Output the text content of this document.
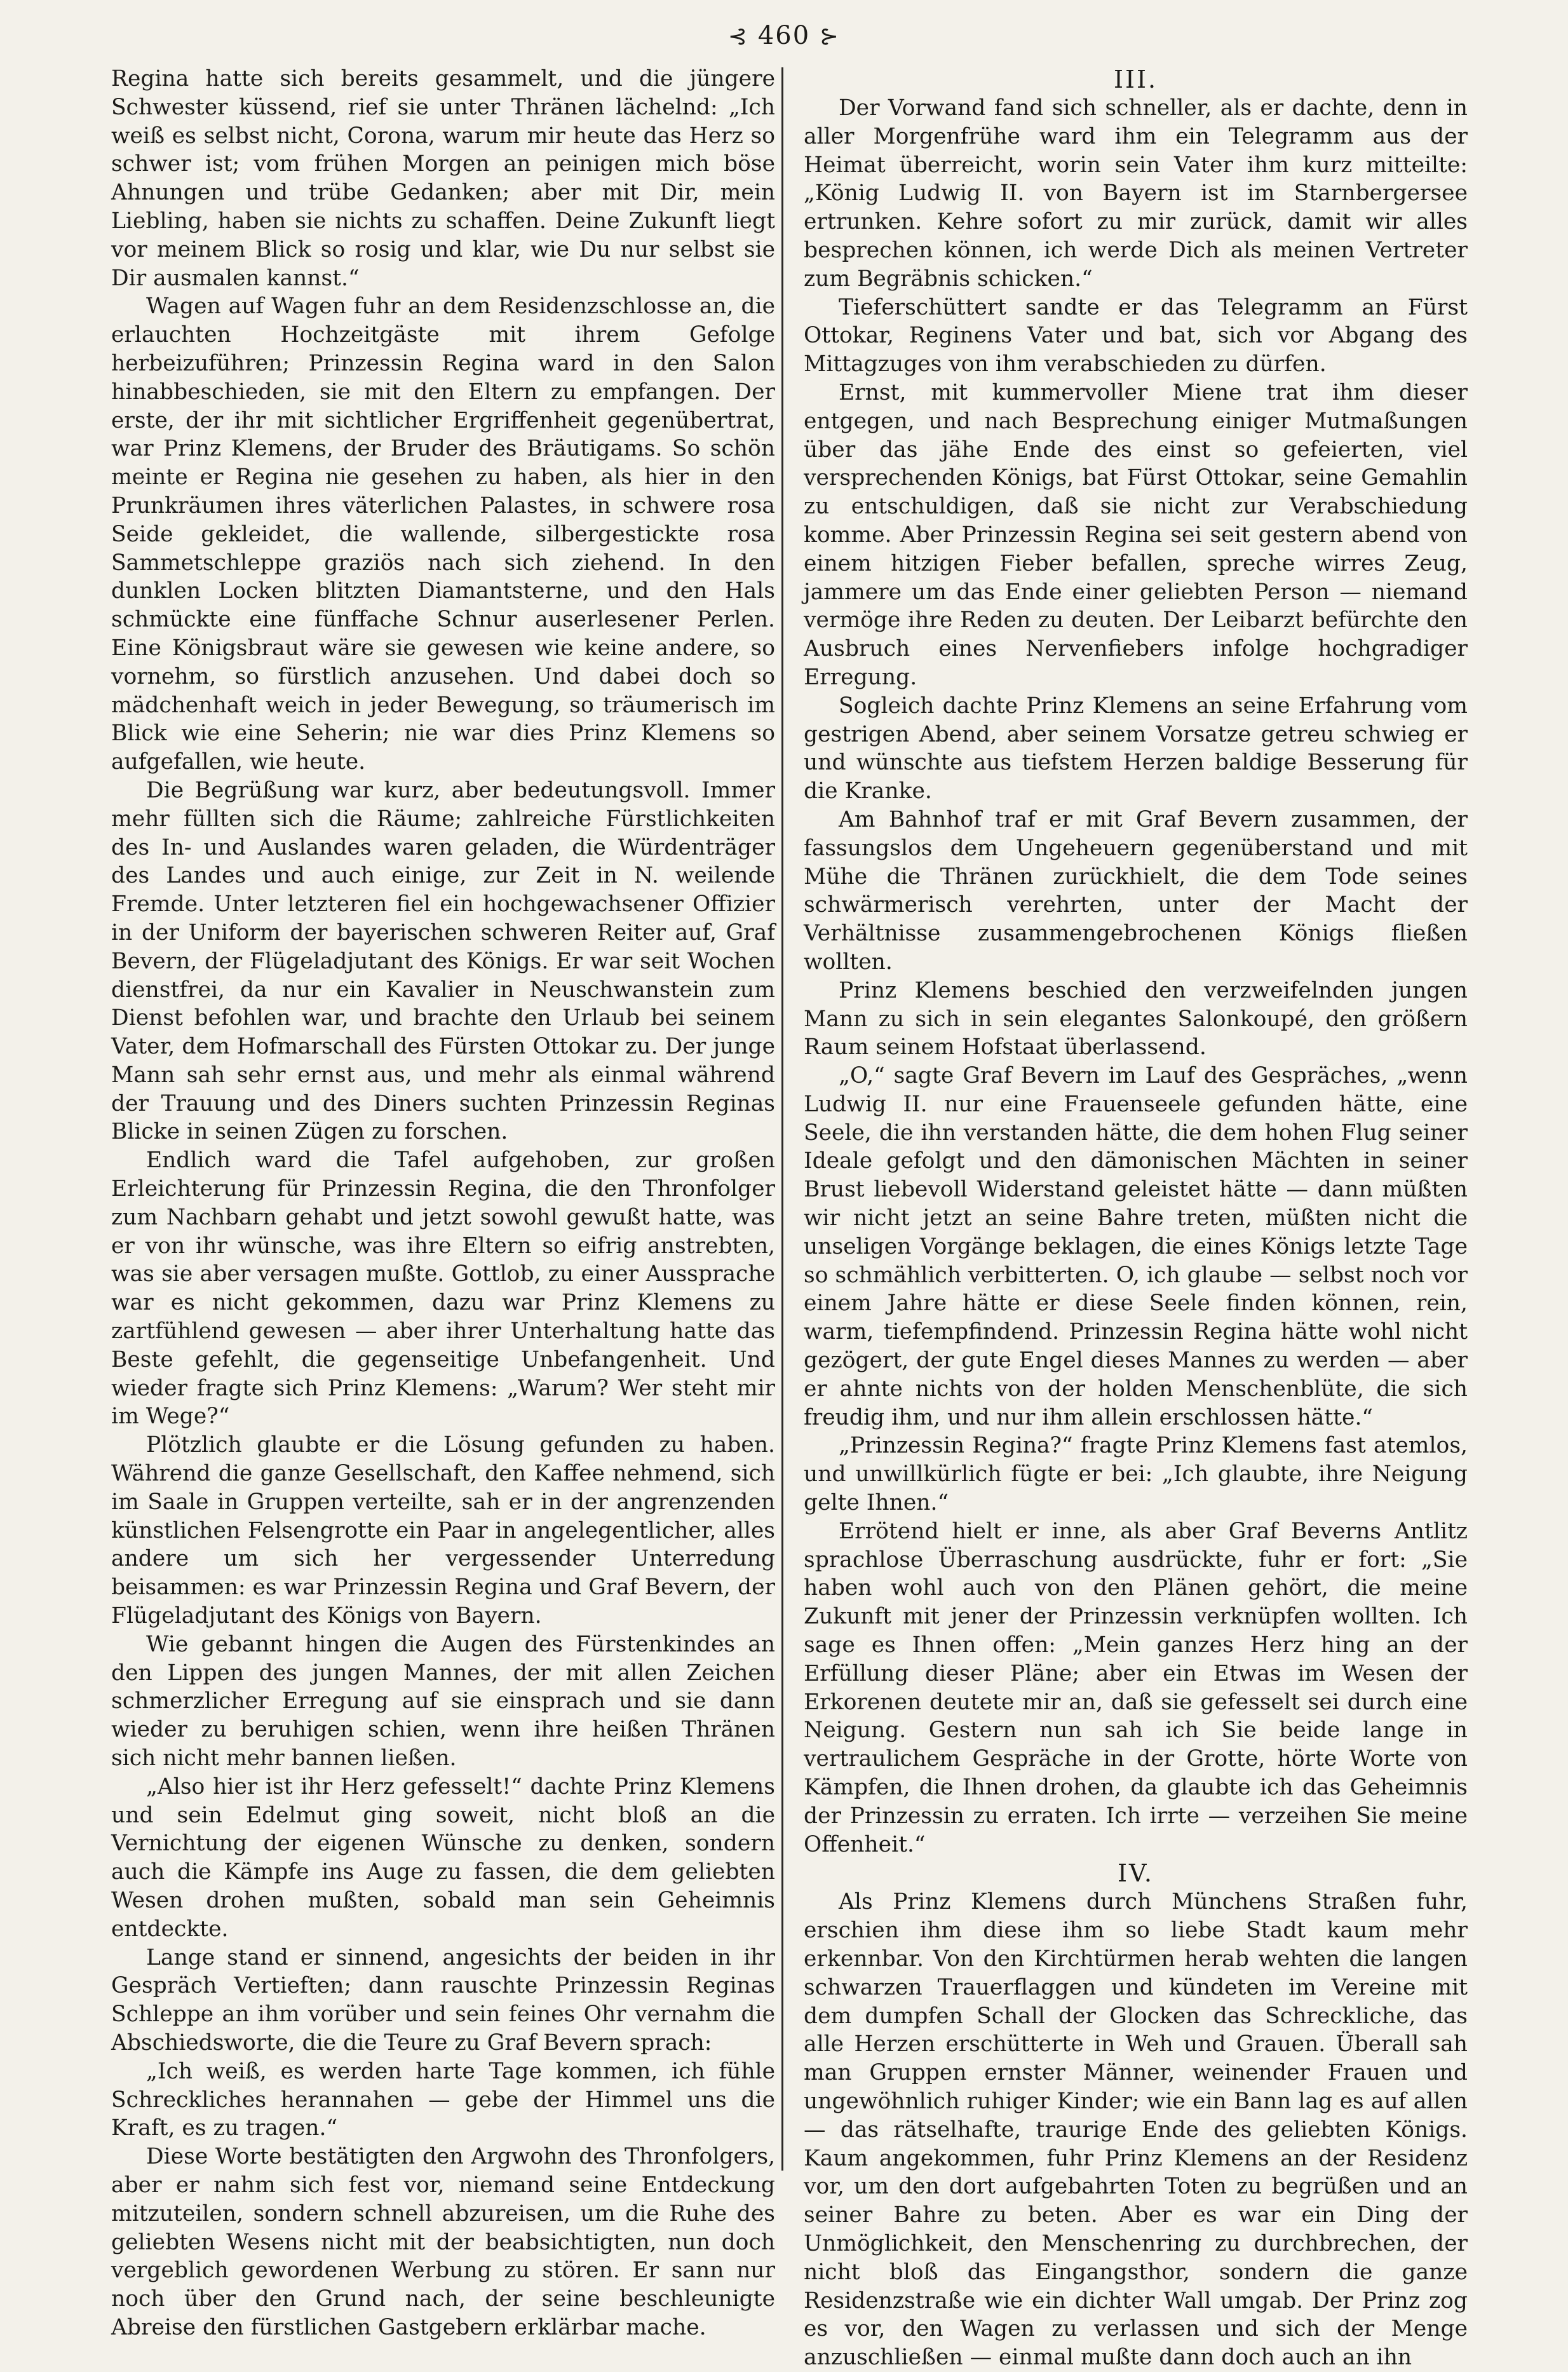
⊰ 460 ⊱

Regina hatte sich bereits gesammelt, und die jüngere Schwester küssend, rief sie unter Thränen lächelnd: „Ich weiß es selbst nicht, Corona, warum mir heute das Herz so schwer ist; vom frühen Morgen an peinigen mich böse Ahnungen und trübe Gedanken; aber mit Dir, mein Liebling, haben sie nichts zu schaffen. Deine Zukunft liegt vor meinem Blick so rosig und klar, wie Du nur selbst sie Dir ausmalen kannst.“

Wagen auf Wagen fuhr an dem Residenzschlosse an, die erlauchten Hochzeitgäste mit ihrem Gefolge herbeizuführen; Prinzessin Regina ward in den Salon hinabbeschieden, sie mit den Eltern zu empfangen. Der erste, der ihr mit sichtlicher Ergriffenheit gegenübertrat, war Prinz Klemens, der Bruder des Bräutigams. So schön meinte er Regina nie gesehen zu haben, als hier in den Prunkräumen ihres väterlichen Palastes, in schwere rosa Seide gekleidet, die wallende, silbergestickte rosa Sammetschleppe graziös nach sich ziehend. In den dunklen Locken blitzten Diamantsterne, und den Hals schmückte eine fünffache Schnur auserlesener Perlen. Eine Königsbraut wäre sie gewesen wie keine andere, so vornehm, so fürstlich anzusehen. Und dabei doch so mädchenhaft weich in jeder Bewegung, so träumerisch im Blick wie eine Seherin; nie war dies Prinz Klemens so aufgefallen, wie heute.

Die Begrüßung war kurz, aber bedeutungsvoll. Immer mehr füllten sich die Räume; zahlreiche Fürstlichkeiten des In- und Auslandes waren geladen, die Würdenträger des Landes und auch einige, zur Zeit in N. weilende Fremde. Unter letzteren fiel ein hochgewachsener Offizier in der Uniform der bayerischen schweren Reiter auf, Graf Bevern, der Flügeladjutant des Königs. Er war seit Wochen dienstfrei, da nur ein Kavalier in Neuschwanstein zum Dienst befohlen war, und brachte den Urlaub bei seinem Vater, dem Hofmarschall des Fürsten Ottokar zu. Der junge Mann sah sehr ernst aus, und mehr als einmal während der Trauung und des Diners suchten Prinzessin Reginas Blicke in seinen Zügen zu forschen.

Endlich ward die Tafel aufgehoben, zur großen Erleichterung für Prinzessin Regina, die den Thronfolger zum Nachbarn gehabt und jetzt sowohl gewußt hatte, was er von ihr wünsche, was ihre Eltern so eifrig anstrebten, was sie aber versagen mußte. Gottlob, zu einer Aussprache war es nicht gekommen, dazu war Prinz Klemens zu zartfühlend gewesen — aber ihrer Unterhaltung hatte das Beste gefehlt, die gegenseitige Unbefangenheit. Und wieder fragte sich Prinz Klemens: „Warum? Wer steht mir im Wege?“

Plötzlich glaubte er die Lösung gefunden zu haben. Während die ganze Gesellschaft, den Kaffee nehmend, sich im Saale in Gruppen verteilte, sah er in der angrenzenden künstlichen Felsengrotte ein Paar in angelegentlicher, alles andere um sich her vergessender Unterredung beisammen: es war Prinzessin Regina und Graf Bevern, der Flügeladjutant des Königs von Bayern.

Wie gebannt hingen die Augen des Fürstenkindes an den Lippen des jungen Mannes, der mit allen Zeichen schmerzlicher Erregung auf sie einsprach und sie dann wieder zu beruhigen schien, wenn ihre heißen Thränen sich nicht mehr bannen ließen.

„Also hier ist ihr Herz gefesselt!“ dachte Prinz Klemens und sein Edelmut ging soweit, nicht bloß an die Vernichtung der eigenen Wünsche zu denken, sondern auch die Kämpfe ins Auge zu fassen, die dem geliebten Wesen drohen mußten, sobald man sein Geheimnis entdeckte.

Lange stand er sinnend, angesichts der beiden in ihr Gespräch Vertieften; dann rauschte Prinzessin Reginas Schleppe an ihm vorüber und sein feines Ohr vernahm die Abschiedsworte, die die Teure zu Graf Bevern sprach:

„Ich weiß, es werden harte Tage kommen, ich fühle Schreckliches herannahen — gebe der Himmel uns die Kraft, es zu tragen.“

Diese Worte bestätigten den Argwohn des Thronfolgers, aber er nahm sich fest vor, niemand seine Entdeckung mitzuteilen, sondern schnell abzureisen, um die Ruhe des geliebten Wesens nicht mit der beabsichtigten, nun doch vergeblich gewordenen Werbung zu stören. Er sann nur noch über den Grund nach, der seine beschleunigte Abreise den fürstlichen Gastgebern erklärbar mache.

III.

Der Vorwand fand sich schneller, als er dachte, denn in aller Morgenfrühe ward ihm ein Telegramm aus der Heimat überreicht, worin sein Vater ihm kurz mitteilte: „König Ludwig II. von Bayern ist im Starnbergersee ertrunken. Kehre sofort zu mir zurück, damit wir alles besprechen können, ich werde Dich als meinen Vertreter zum Begräbnis schicken.“

Tieferschüttert sandte er das Telegramm an Fürst Ottokar, Reginens Vater und bat, sich vor Abgang des Mittagzuges von ihm verabschieden zu dürfen.

Ernst, mit kummervoller Miene trat ihm dieser entgegen, und nach Besprechung einiger Mutmaßungen über das jähe Ende des einst so gefeierten, viel versprechenden Königs, bat Fürst Ottokar, seine Gemahlin zu entschuldigen, daß sie nicht zur Verabschiedung komme. Aber Prinzessin Regina sei seit gestern abend von einem hitzigen Fieber befallen, spreche wirres Zeug, jammere um das Ende einer geliebten Person — niemand vermöge ihre Reden zu deuten. Der Leibarzt befürchte den Ausbruch eines Nervenfiebers infolge hochgradiger Erregung.

Sogleich dachte Prinz Klemens an seine Erfahrung vom gestrigen Abend, aber seinem Vorsatze getreu schwieg er und wünschte aus tiefstem Herzen baldige Besserung für die Kranke.

Am Bahnhof traf er mit Graf Bevern zusammen, der fassungslos dem Ungeheuern gegenüberstand und mit Mühe die Thränen zurückhielt, die dem Tode seines schwärmerisch verehrten, unter der Macht der Verhältnisse zusammengebrochenen Königs fließen wollten.

Prinz Klemens beschied den verzweifelnden jungen Mann zu sich in sein elegantes Salonkoupé, den größern Raum seinem Hofstaat überlassend.

„O,“ sagte Graf Bevern im Lauf des Gespräches, „wenn Ludwig II. nur eine Frauenseele gefunden hätte, eine Seele, die ihn verstanden hätte, die dem hohen Flug seiner Ideale gefolgt und den dämonischen Mächten in seiner Brust liebevoll Widerstand geleistet hätte — dann müßten wir nicht jetzt an seine Bahre treten, müßten nicht die unseligen Vorgänge beklagen, die eines Königs letzte Tage so schmählich verbitterten. O, ich glaube — selbst noch vor einem Jahre hätte er diese Seele finden können, rein, warm, tiefempfindend. Prinzessin Regina hätte wohl nicht gezögert, der gute Engel dieses Mannes zu werden — aber er ahnte nichts von der holden Menschenblüte, die sich freudig ihm, und nur ihm allein erschlossen hätte.“

„Prinzessin Regina?“ fragte Prinz Klemens fast atemlos, und unwillkürlich fügte er bei: „Ich glaubte, ihre Neigung gelte Ihnen.“

Errötend hielt er inne, als aber Graf Beverns Antlitz sprachlose Überraschung ausdrückte, fuhr er fort: „Sie haben wohl auch von den Plänen gehört, die meine Zukunft mit jener der Prinzessin verknüpfen wollten. Ich sage es Ihnen offen: „Mein ganzes Herz hing an der Erfüllung dieser Pläne; aber ein Etwas im Wesen der Erkorenen deutete mir an, daß sie gefesselt sei durch eine Neigung. Gestern nun sah ich Sie beide lange in vertraulichem Gespräche in der Grotte, hörte Worte von Kämpfen, die Ihnen drohen, da glaubte ich das Geheimnis der Prinzessin zu erraten. Ich irrte — verzeihen Sie meine Offenheit.“

IV.

Als Prinz Klemens durch Münchens Straßen fuhr, erschien ihm diese ihm so liebe Stadt kaum mehr erkennbar. Von den Kirchtürmen herab wehten die langen schwarzen Trauerflaggen und kündeten im Vereine mit dem dumpfen Schall der Glocken das Schreckliche, das alle Herzen erschütterte in Weh und Grauen. Überall sah man Gruppen ernster Männer, weinender Frauen und ungewöhnlich ruhiger Kinder; wie ein Bann lag es auf allen — das rätselhafte, traurige Ende des geliebten Königs. Kaum angekommen, fuhr Prinz Klemens an der Residenz vor, um den dort aufgebahrten Toten zu begrüßen und an seiner Bahre zu beten. Aber es war ein Ding der Unmöglichkeit, den Menschenring zu durchbrechen, der nicht bloß das Eingangsthor, sondern die ganze Residenzstraße wie ein dichter Wall umgab. Der Prinz zog es vor, den Wagen zu verlassen und sich der Menge anzuschließen — einmal mußte dann doch auch an ihn
